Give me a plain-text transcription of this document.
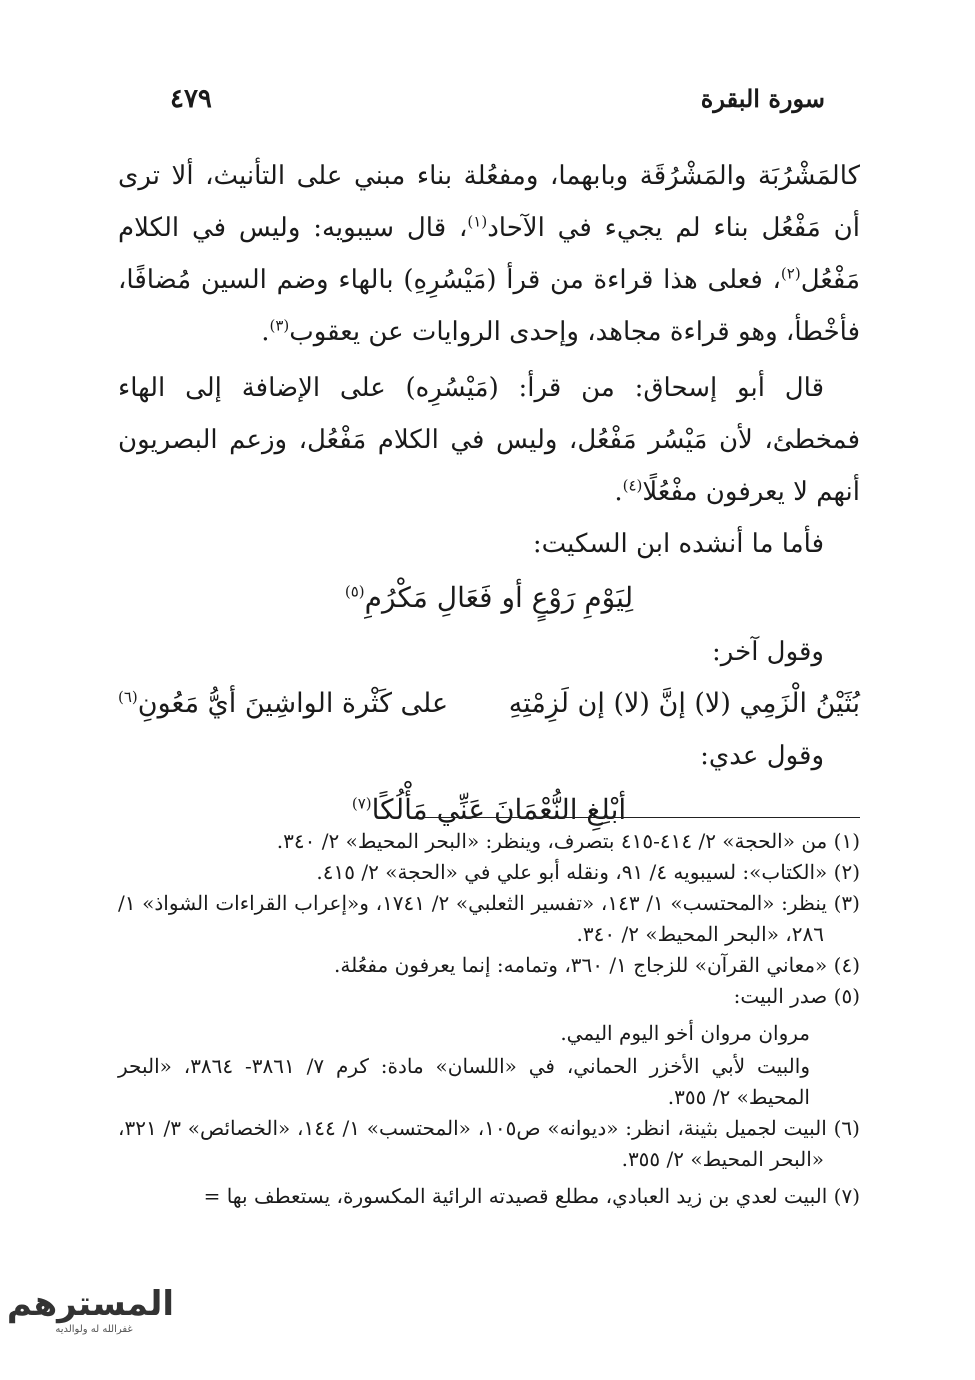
سورة البقرة
٤٧٩

كالمَشْرُبَة والمَشْرُقَة وبابهما، ومفعُلة بناء مبني على التأنيث، ألا ترى أن مَفْعُل بناء لم يجيء في الآحاد$^{(١)}$، قال سيبويه: وليس في الكلام مَفْعُل$^{(٢)}$، فعلى هذا قراءة من قرأ (مَيْسُرِهِ) بالهاء وضم السين مُضافًا، فأخْطأ، وهو قراءة مجاهد، وإحدى الروايات عن يعقوب$^{(٣)}$.

قال أبو إسحاق: من قرأ: (مَيْسُرِه) على الإضافة إلى الهاء فمخطئ، لأن مَيْسُر مَفْعُل، وليس في الكلام مَفْعُل، وزعم البصريون أنهم لا يعرفون مفْعُلًا$^{(٤)}$.

فأما ما أنشده ابن السكيت:

لِيَوْمِ رَوْعٍ أو فَعَالِ مَكْرُمِ$^{(٥)}$

وقول آخر:

بُثَيْنُ الْزَمِي (لا) إنَّ (لا) إن لَزِمْتِهِ
على كَثْرة الواشِينَ أيُّ مَعُونِ$^{(٦)}$

وقول عدي:

أبْلِغِ النُّعْمَانَ عَنِّي مَأْلُكًا$^{(٧)}$

(١) من «الحجة» ٢/ ٤١٤-٤١٥ بتصرف، وينظر: «البحر المحيط» ٢/ ٣٤٠.

(٢) «الكتاب»: لسيبويه ٤/ ٩١، ونقله أبو علي في «الحجة» ٢/ ٤١٥.

(٣) ينظر: «المحتسب» ١/ ١٤٣، «تفسير الثعلبي» ٢/ ١٧٤١، و«إعراب القراءات الشواذ» ١/ ٢٨٦، «البحر المحيط» ٢/ ٣٤٠.

(٤) «معاني القرآن» للزجاج ١/ ٣٦٠، وتمامه: إنما يعرفون مفعُلة.

(٥) صدر البيت:

مروان مروان أخو اليوم اليمي.

والبيت لأبي الأخزر الحماني، في «اللسان» مادة: كرم ٧/ ٣٨٦١- ٣٨٦٤، «البحر المحيط» ٢/ ٣٥٥.

(٦) البيت لجميل بثينة، انظر: «ديوانه» ص١٠٥، «المحتسب» ١/ ١٤٤، «الخصائص» ٣/ ٣٢١، «البحر المحيط» ٢/ ٣٥٥.

(٧) البيت لعدي بن زيد العبادي، مطلع قصيدته الرائية المكسورة، يستعطف بها =

المسترهم
غفرالله له ولوالديه
